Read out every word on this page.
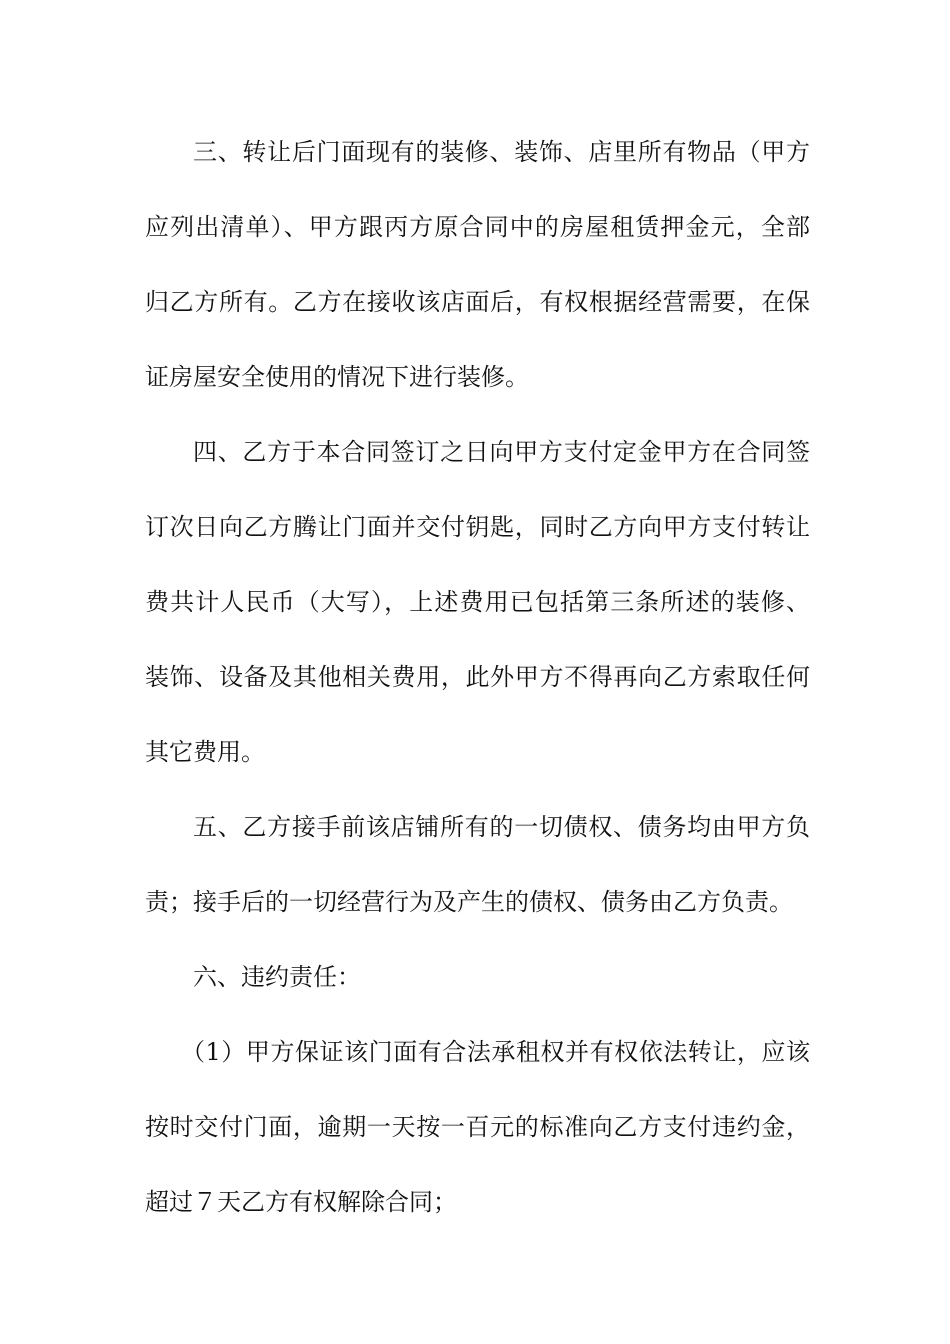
三、转让后门面现有的装修、装饰、店里所有物品（甲方
应列出清单）、甲方跟丙方原合同中的房屋租赁押金元，全部
归乙方所有。乙方在接收该店面后，有权根据经营需要，在保
证房屋安全使用的情况下进行装修。
四、乙方于本合同签订之日向甲方支付定金甲方在合同签
订次日向乙方腾让门面并交付钥匙，同时乙方向甲方支付转让
费共计人民币（大写），上述费用已包括第三条所述的装修、
装饰、设备及其他相关费用，此外甲方不得再向乙方索取任何
其它费用。
五、乙方接手前该店铺所有的一切债权、债务均由甲方负
责；接手后的一切经营行为及产生的债权、债务由乙方负责。
六、违约责任：
（1）甲方保证该门面有合法承租权并有权依法转让，应该
按时交付门面，逾期一天按一百元的标准向乙方支付违约金，
超过７天乙方有权解除合同；
